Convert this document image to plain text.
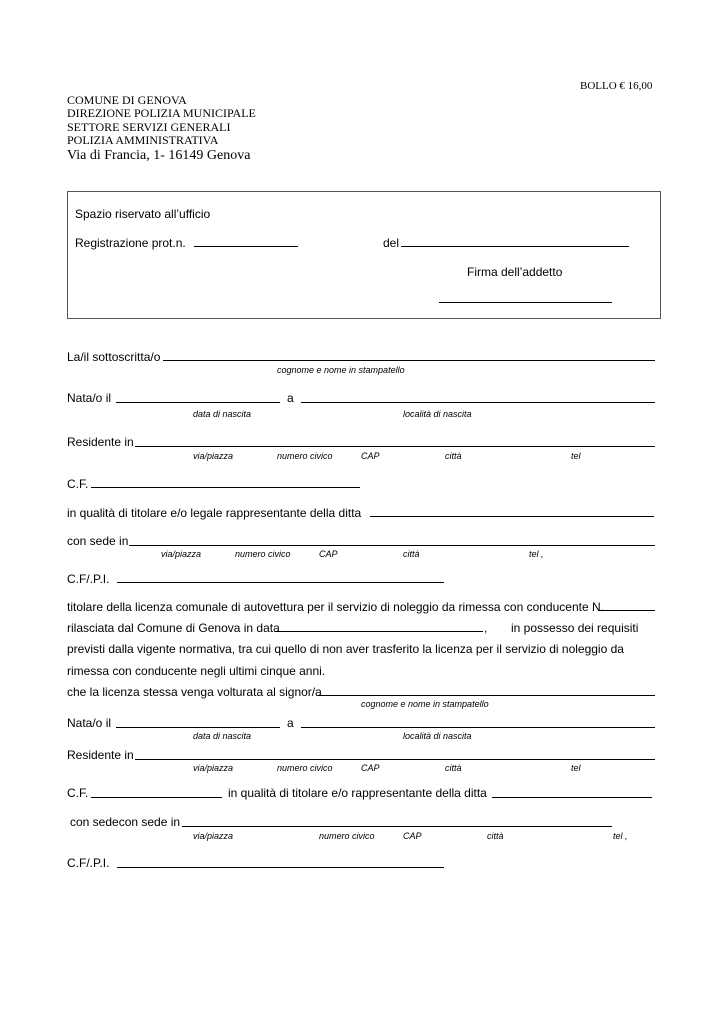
BOLLO € 16,00
COMUNE DI GENOVA
DIREZIONE POLIZIA MUNICIPALE
SETTORE SERVIZI GENERALI
POLIZIA AMMINISTRATIVA
Via di Francia, 1- 16149 Genova
Spazio riservato all’ufficio
Registrazione prot.n.	del
Firma dell’addetto
La/il sottoscritta/o
cognome e nome in stampatello
Nata/o il	a
data di nascita	località di nascita
Residente in
via/piazza	numero civico	CAP	città	tel
C.F.
in qualità di titolare e/o legale rappresentante della ditta
con sede in
via/piazza	numero civico	CAP	città	tel ,
C.F/.P.I.
titolare della licenza comunale di autovettura per il servizio di noleggio da rimessa con conducente N.
rilasciata dal Comune di Genova in data	, in possesso dei requisiti
previsti dalla vigente normativa, tra cui quello di non aver trasferito la licenza per il servizio di noleggio da
rimessa con conducente negli ultimi cinque anni.
che la licenza stessa venga volturata al signor/a
cognome e nome in stampatello
Nata/o il	a
data di nascita	località di nascita
Residente in
via/piazza	numero civico	CAP	città	tel
C.F.	in qualità di titolare e/o rappresentante della ditta
con sedecon sede in
via/piazza	numero civico	CAP	città	tel ,
C.F/.P.I.
